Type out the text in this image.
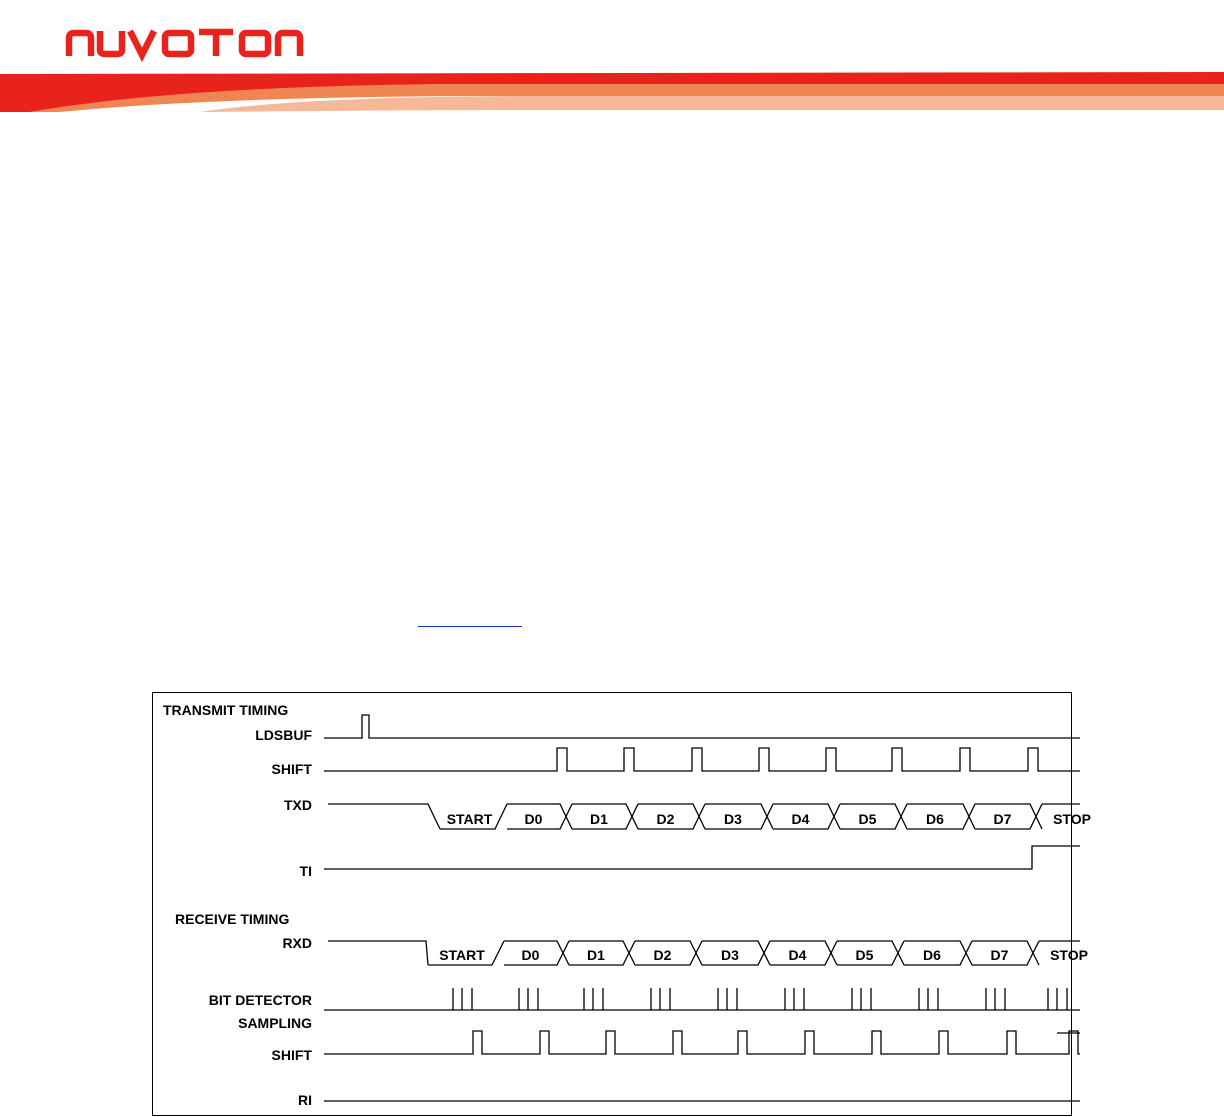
TRANSMIT TIMING
RECEIVE TIMING
LDSBUF
SHIFT
TXD
TI
RXD
BIT DETECTOR
SAMPLING
SHIFT
RI
START D0	D1	D2	D3	D4	D5	D6	D7	STOP
START	D0	D1	D2	D3	D4	D5	D6	D7	STOP
